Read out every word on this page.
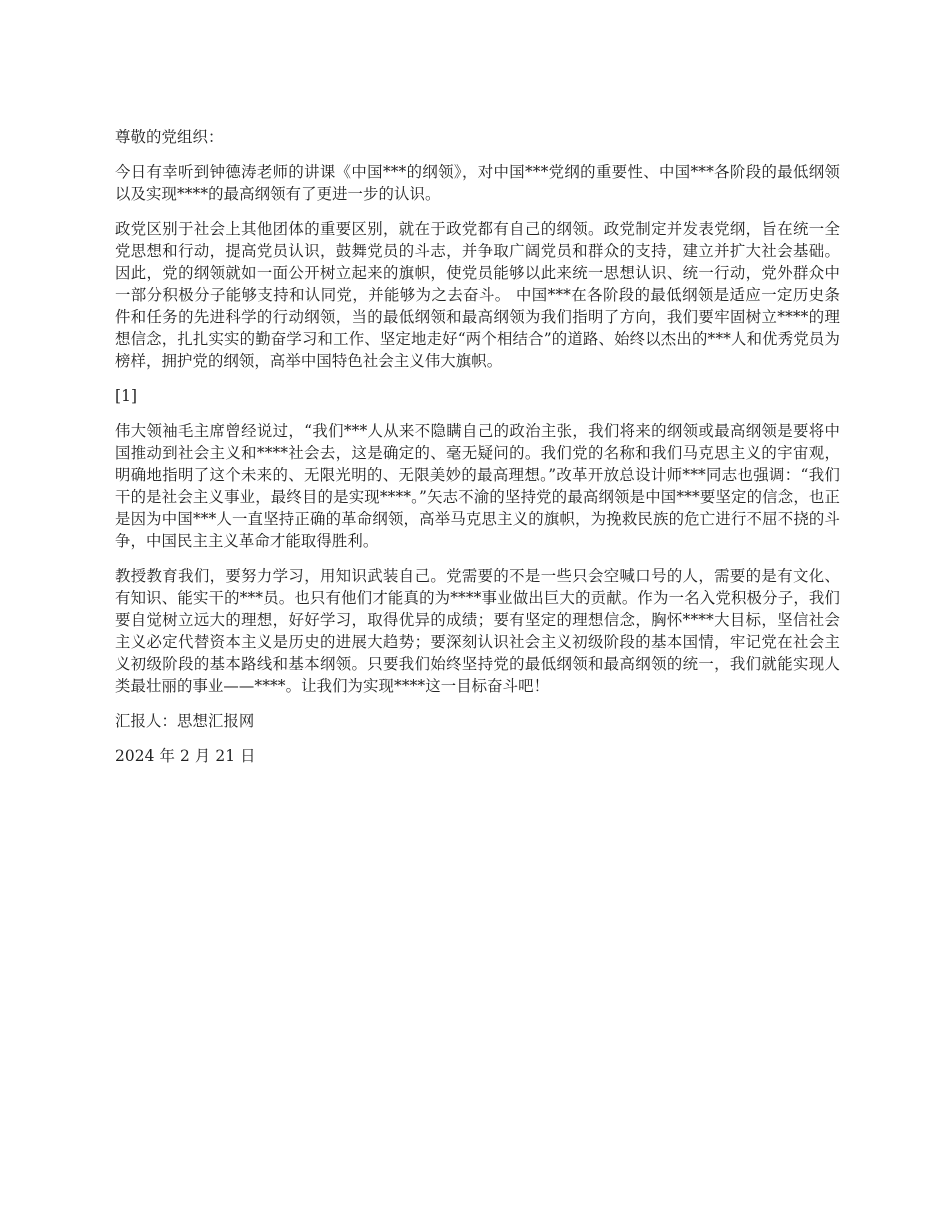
尊敬的党组织：

今日有幸听到钟德涛老师的讲课《中国***的纲领》，对中国***党纲的重要性、中国***各阶段的最低纲领以及实现****的最高纲领有了更进一步的认识。

政党区别于社会上其他团体的重要区别，就在于政党都有自己的纲领。政党制定并发表党纲，旨在统一全党思想和行动，提高党员认识，鼓舞党员的斗志，并争取广阔党员和群众的支持，建立并扩大社会基础。因此，党的纲领就如一面公开树立起来的旗帜，使党员能够以此来统一思想认识、统一行动，党外群众中一部分积极分子能够支持和认同党，并能够为之去奋斗。 中国***在各阶段的最低纲领是适应一定历史条件和任务的先进科学的行动纲领，当的最低纲领和最高纲领为我们指明了方向，我们要牢固树立****的理想信念，扎扎实实的勤奋学习和工作、坚定地走好“两个相结合”的道路、始终以杰出的***人和优秀党员为榜样，拥护党的纲领，高举中国特色社会主义伟大旗帜。

[1]

伟大领袖毛主席曾经说过，“我们***人从来不隐瞒自己的政治主张，我们将来的纲领或最高纲领是要将中国推动到社会主义和****社会去，这是确定的、毫无疑问的。我们党的名称和我们马克思主义的宇宙观，明确地指明了这个未来的、无限光明的、无限美妙的最高理想。”改革开放总设计师***同志也强调：“我们干的是社会主义事业，最终目的是实现****。”矢志不渝的坚持党的最高纲领是中国***要坚定的信念，也正是因为中国***人一直坚持正确的革命纲领，高举马克思主义的旗帜，为挽救民族的危亡进行不屈不挠的斗争，中国民主主义革命才能取得胜利。

教授教育我们，要努力学习，用知识武装自己。党需要的不是一些只会空喊口号的人，需要的是有文化、有知识、能实干的***员。也只有他们才能真的为****事业做出巨大的贡献。作为一名入党积极分子，我们要自觉树立远大的理想，好好学习，取得优异的成绩；要有坚定的理想信念，胸怀****大目标，坚信社会主义必定代替资本主义是历史的进展大趋势；要深刻认识社会主义初级阶段的基本国情，牢记党在社会主义初级阶段的基本路线和基本纲领。只要我们始终坚持党的最低纲领和最高纲领的统一，我们就能实现人类最壮丽的事业——****。让我们为实现****这一目标奋斗吧！

汇报人：思想汇报网

2024 年 2 月 21 日
